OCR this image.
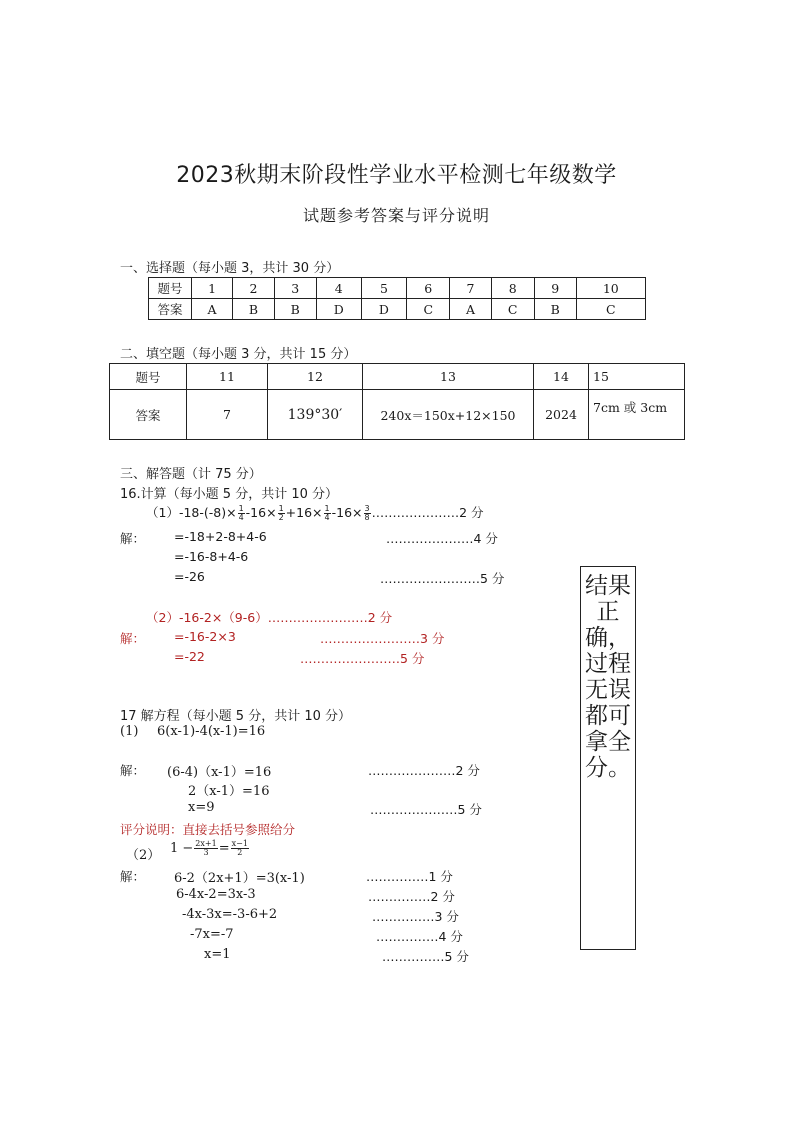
2023秋期末阶段性学业水平检测七年级数学
试题参考答案与评分说明
一、选择题（每小题 3，共计 30 分）
题号	1	2	3	4	5	6	7	8	9	10
答案	A	B	B	D	D	C	A	C	B	C
二、填空题（每小题 3 分，共计 15 分）
题号	11	12	13	14	15
答案	7	139°30′	240x＝150x+12×150	2024	7cm 或 3cm
三、解答题（计 75 分）
16.计算（每小题 5 分，共计 10 分）
$(1)-18-(-8)\times \frac{1}{4} -16\times \frac{1}{2} +16\times \frac{1}{4} -16\times \frac{3}{8}$ …………………2 分
解： =-18+2-8+4-6	…………………4 分
=-16-8+4-6
=-26	……………………5 分
（2）-16-2×（9-6）……………………2 分
解： =-16-2×3	……………………3 分
=-22	……………………5 分
17 解方程（每小题 5 分，共计 10 分）
(1) 6(x-1)-4(x-1)=16
解： (6-4)（x-1）=16	…………………2 分
2（x-1）=16
x=9	…………………5 分
评分说明：直接去括号参照给分
（2） $1 - \frac{2x+1}{3} = \frac{x-1}{2}$
解： 6-2（2x+1）=3(x-1)	……………1 分
6-4x-2=3x-3	……………2 分
-4x-3x=-3-6+2	……………3 分
-7x=-7	……………4 分
x=1	……………5 分
结果正确，过程无误都可拿全分。
